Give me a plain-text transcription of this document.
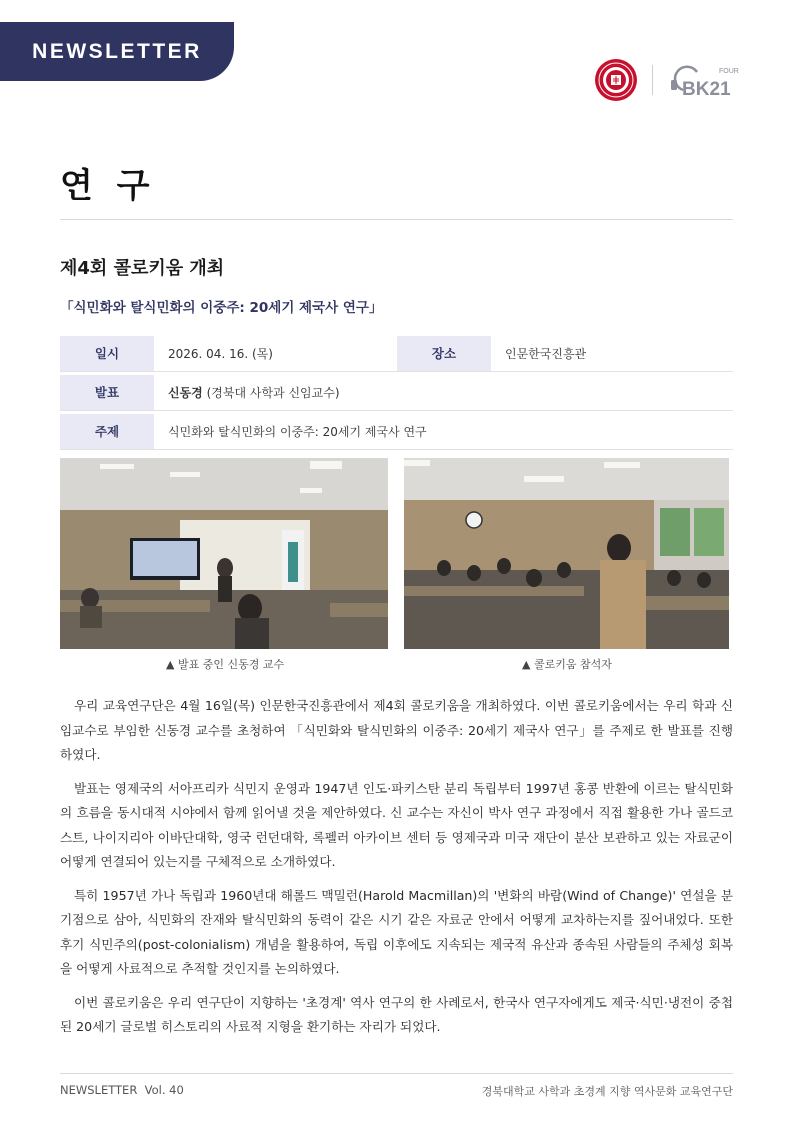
NEWSLETTER
FOUR
BK21
연 구
제4회 콜로키움 개최
「식민화와 탈식민화의 이중주: 20세기 제국사 연구」
일시	2026. 04. 16. (목)	장소	인문한국진흥관

발표	신동경 (경북대 사학과 신임교수)		

주제	식민화와 탈식민화의 이중주: 20세기 제국사 연구		
▲ 발표 중인 신동경 교수	▲ 콜로키움 참석자

우리 교육연구단은 4월 16일(목) 인문한국진흥관에서 제4회 콜로키움을 개최하였다. 이번 콜로키움에서는 우리 학과 신임교수로 부임한 신동경 교수를 초청하여 「식민화와 탈식민화의 이중주: 20세기 제국사 연구」를 주제로 한 발표를 진행하였다.

발표는 영제국의 서아프리카 식민지 운영과 1947년 인도·파키스탄 분리 독립부터 1997년 홍콩 반환에 이르는 탈식민화의 흐름을 동시대적 시야에서 함께 읽어낼 것을 제안하였다. 신 교수는 자신이 박사 연구 과정에서 직접 활용한 가나 골드코스트, 나이지리아 이바단대학, 영국 런던대학, 록펠러 아카이브 센터 등 영제국과 미국 재단이 분산 보관하고 있는 자료군이 어떻게 연결되어 있는지를 구체적으로 소개하였다.

특히 1957년 가나 독립과 1960년대 해롤드 맥밀런(Harold Macmillan)의 '변화의 바람(Wind of Change)' 연설을 분기점으로 삼아, 식민화의 잔재와 탈식민화의 동력이 같은 시기 같은 자료군 안에서 어떻게 교차하는지를 짚어내었다. 또한 후기 식민주의(post-colonialism) 개념을 활용하여, 독립 이후에도 지속되는 제국적 유산과 종속된 사람들의 주체성 회복을 어떻게 사료적으로 추적할 것인지를 논의하였다.

이번 콜로키움은 우리 연구단이 지향하는 '초경계' 역사 연구의 한 사례로서, 한국사 연구자에게도 제국·식민·냉전이 중첩된 20세기 글로벌 히스토리의 사료적 지형을 환기하는 자리가 되었다.

NEWSLETTER  Vol. 40	경북대학교 사학과 초경계 지향 역사문화 교육연구단
